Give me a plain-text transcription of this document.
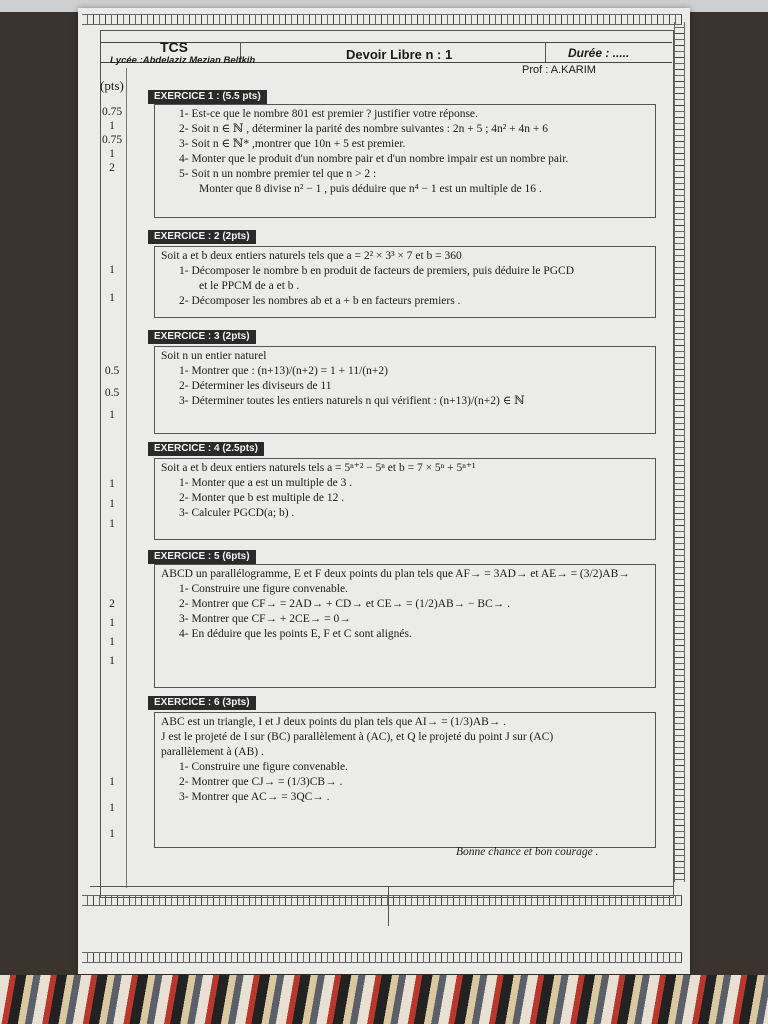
TCS
Lycée :Abdelaziz Mezian Belfkih	Devoir Libre n : 1	Durée : .....
Prof : A.KARIM
(pts)
EXERCICE 1 : (5.5 pts)
1- Est-ce que le nombre 801 est premier ? justifier votre réponse.
2- Soit n ∈ ℕ , déterminer la parité des nombre suivantes : 2n + 5 ; 4n² + 4n + 6
3- Soit n ∈ ℕ* ,montrer que 10n + 5 est premier.
4- Monter que le produit d'un nombre pair et d'un nombre impair est un nombre pair.
5- Soit n un nombre premier tel que n > 2 :
Monter que 8 divise n² − 1 , puis déduire que n⁴ − 1 est un multiple de 16 .
0.75
1
0.75
1
2
EXERCICE : 2 (2pts)
Soit a et b deux entiers naturels tels que a = 2² × 3³ × 7 et b = 360
1- Décomposer le nombre b en produit de facteurs de premiers, puis déduire le PGCD
et le PPCM de a et b .
2- Décomposer les nombres ab et a + b en facteurs premiers .
1
1
EXERCICE : 3 (2pts)
Soit n un entier naturel
1- Montrer que : (n+13)/(n+2) = 1 + 11/(n+2)
2- Déterminer les diviseurs de 11
3- Déterminer toutes les entiers naturels n qui vérifient : (n+13)/(n+2) ∈ ℕ
0.5
0.5
1
EXERCICE : 4 (2.5pts)
Soit a et b deux entiers naturels tels a = 5ⁿ⁺² − 5ⁿ et b = 7 × 5ⁿ + 5ⁿ⁺¹
1- Monter que a est un multiple de 3 .
2- Monter que b est multiple de 12 .
3- Calculer PGCD(a; b) .
1
1
1
EXERCICE : 5 (6pts)
ABCD un parallélogramme, E et F deux points du plan tels que AF→ = 3AD→ et AE→ = (3/2)AB→
1- Construire une figure convenable.
2- Montrer que CF→ = 2AD→ + CD→ et CE→ = (1/2)AB→ − BC→ .
3- Montrer que CF→ + 2CE→ = 0→
4- En déduire que les points E, F et C sont alignés.
2
1
1
1
EXERCICE : 6 (3pts)
ABC est un triangle, I et J deux points du plan tels que AI→ = (1/3)AB→ .
J est le projeté de I sur (BC) parallèlement à (AC), et Q le projeté du point J sur (AC)
parallèlement à (AB) .
1- Construire une figure convenable.
2- Montrer que CJ→ = (1/3)CB→ .
3- Montrer que AC→ = 3QC→ .
1
1
1
Bonne chance et bon courage .
